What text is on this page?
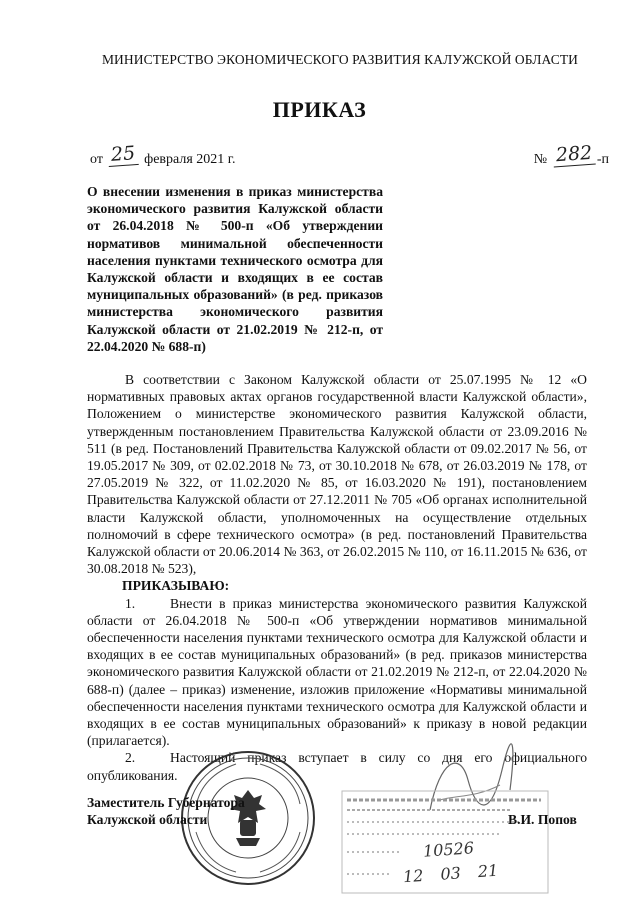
МИНИСТЕРСТВО ЭКОНОМИЧЕСКОГО РАЗВИТИЯ КАЛУЖСКОЙ ОБЛАСТИ
ПРИКАЗ
от 25 февраля 2021 г.	№ 282 -п

О внесении изменения в приказ министерства экономического развития Калужской области от 26.04.2018 № 500-п «Об утверждении нормативов минимальной обеспеченности населения пунктами технического осмотра для Калужской области и входящих в ее состав муниципальных образований» (в ред. приказов министерства экономического развития Калужской области от 21.02.2019 № 212-п, от 22.04.2020 № 688-п)

В соответствии с Законом Калужской области от 25.07.1995 № 12 «О нормативных правовых актах органов государственной власти Калужской области», Положением о министерстве экономического развития Калужской области, утвержденным постановлением Правительства Калужской области от 23.09.2016 № 511 (в ред. Постановлений Правительства Калужской области от 09.02.2017 № 56, от 19.05.2017 № 309, от 02.02.2018 № 73, от 30.10.2018 № 678, от 26.03.2019 № 178, от 27.05.2019 № 322, от 11.02.2020 № 85, от 16.03.2020 № 191), постановлением Правительства Калужской области от 27.12.2011 № 705 «Об органах исполнительной власти Калужской области, уполномоченных на осуществление отдельных полномочий в сфере технического осмотра» (в ред. постановлений Правительства Калужской области от 20.06.2014 № 363, от 26.02.2015 № 110, от 16.11.2015 № 636, от 30.08.2018 № 523),

ПРИКАЗЫВАЮ:

1.	Внести в приказ министерства экономического развития Калужской области от 26.04.2018 № 500-п «Об утверждении нормативов минимальной обеспеченности населения пунктами технического осмотра для Калужской области и входящих в ее состав муниципальных образований» (в ред. приказов министерства экономического развития Калужской области от 21.02.2019 № 212-п, от 22.04.2020 № 688-п) (далее – приказ) изменение, изложив приложение «Нормативы минимальной обеспеченности населения пунктами технического осмотра для Калужской области и входящих в ее состав муниципальных образований» к приказу в новой редакции (прилагается).

2.	Настоящий приказ вступает в силу со дня его официального опубликования.

10526
12 03 21
Заместитель Губернатора
Калужской области	В.И. Попов
